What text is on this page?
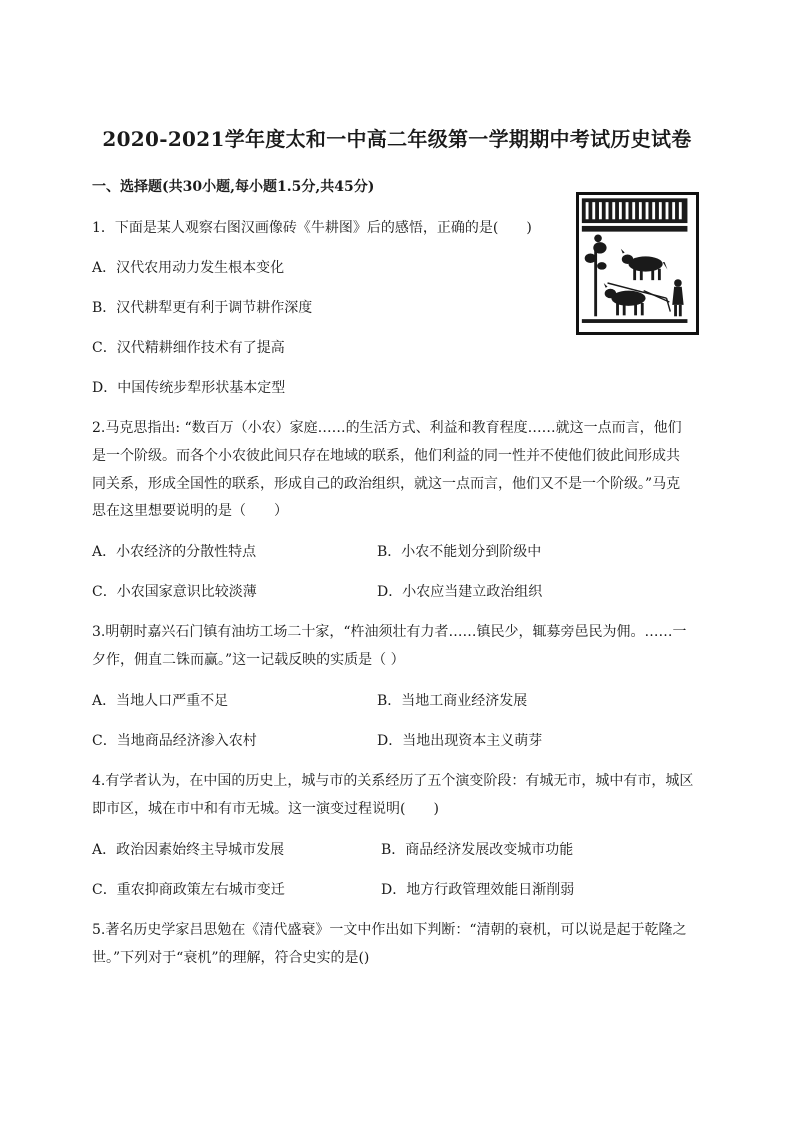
2020-2021学年度太和一中高二年级第一学期期中考试历史试卷
一、选择题(共30小题,每小题1.5分,共45分)
1．下面是某人观察右图汉画像砖《牛耕图》后的感悟，正确的是(　　)
A．汉代农用动力发生根本变化
B．汉代耕犁更有利于调节耕作深度
C．汉代精耕细作技术有了提高
D．中国传统步犁形状基本定型
2.马克思指出: “数百万（小农）家庭……的生活方式、利益和教育程度……就这一点而言，他们
是一个阶级。而各个小农彼此间只存在地域的联系，他们利益的同一性并不使他们彼此间形成共
同关系，形成全国性的联系，形成自己的政治组织，就这一点而言，他们又不是一个阶级。”马克
思在这里想要说明的是（　　）
A．小农经济的分散性特点	B．小农不能划分到阶级中
C．小农国家意识比较淡薄	D．小农应当建立政治组织
3.明朝时嘉兴石门镇有油坊工场二十家，“杵油须壮有力者……镇民少，辄募旁邑民为佣。……一
夕作，佣直二铢而赢。”这一记载反映的实质是（ ）
A．当地人口严重不足	B．当地工商业经济发展
C．当地商品经济渗入农村	D．当地出现资本主义萌芽
4.有学者认为，在中国的历史上，城与市的关系经历了五个演变阶段：有城无市，城中有市，城区
即市区，城在市中和有市无城。这一演变过程说明(　　)
A．政治因素始终主导城市发展	B．商品经济发展改变城市功能
C．重农抑商政策左右城市变迁	D．地方行政管理效能日渐削弱
5.著名历史学家吕思勉在《清代盛衰》一文中作出如下判断：“清朝的衰机，可以说是起于乾隆之
世。”下列对于“衰机”的理解，符合史实的是()
